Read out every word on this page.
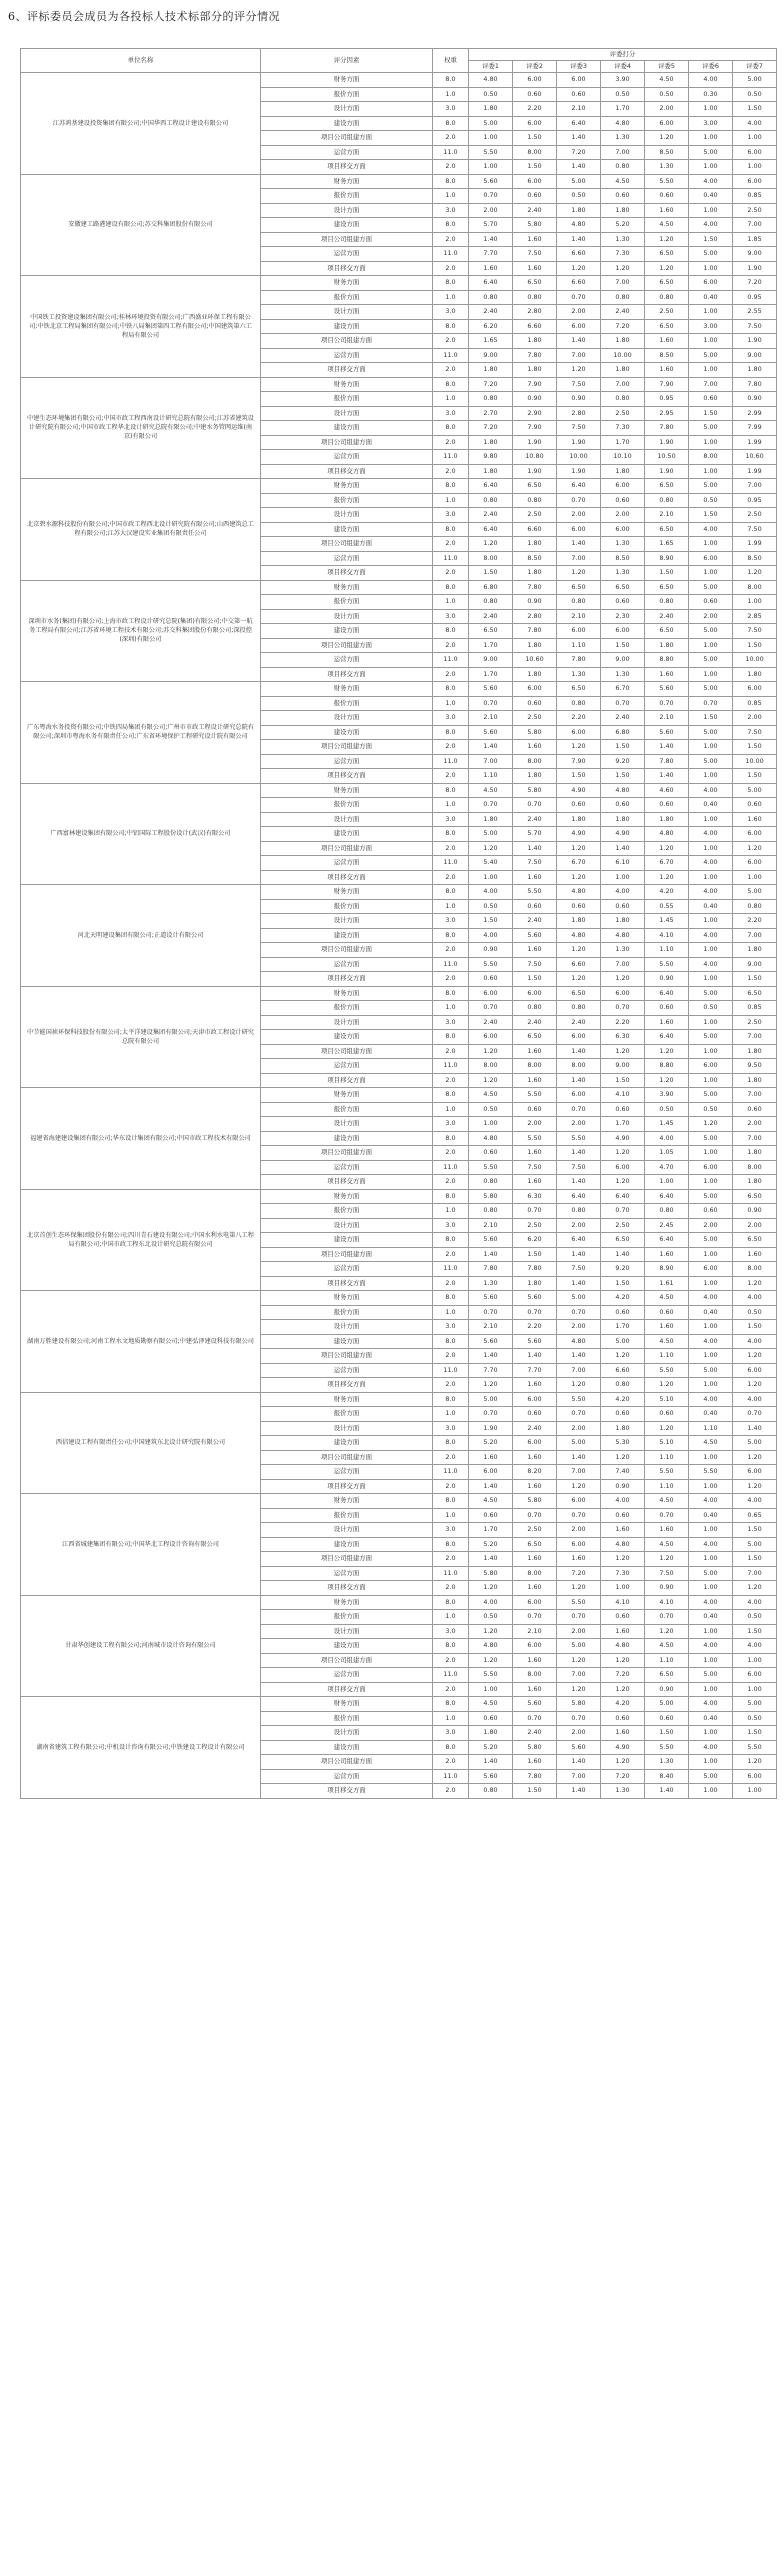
6、评标委员会成员为各投标人技术标部分的评分情况
单位名称	评分因素	权重	评委打分						
			评委1	评委2	评委3	评委4	评委5	评委6	评委7
江苏鸿基建设投资集团有限公司;中国华西工程设计建设有限公司	财务方面	8.0	4.80	6.00	6.00	3.90	4.50	4.00	5.00
	报价方面	1.0	0.50	0.60	0.60	0.50	0.50	0.30	0.50
	设计方面	3.0	1.80	2.20	2.10	1.70	2.00	1.00	1.50
	建设方面	8.0	5.00	6.00	6.40	4.80	6.00	3.00	4.00
	项目公司组建方面	2.0	1.00	1.50	1.40	1.30	1.20	1.00	1.00
	运营方面	11.0	5.50	8.00	7.20	7.00	8.50	5.00	6.00
	项目移交方面	2.0	1.00	1.50	1.40	0.80	1.30	1.00	1.00
安徽建工路港建设有限公司;苏交科集团股份有限公司	财务方面	8.0	5.60	6.00	5.00	4.50	5.50	4.00	6.00
	报价方面	1.0	0.70	0.60	0.50	0.60	0.60	0.40	0.85
	设计方面	3.0	2.00	2.40	1.80	1.80	1.60	1.00	2.50
	建设方面	8.0	5.70	5.80	4.80	5.20	4.50	4.00	7.00
	项目公司组建方面	2.0	1.40	1.60	1.40	1.30	1.20	1.50	1.85
	运营方面	11.0	7.70	7.50	6.60	7.30	6.50	5.00	9.00
	项目移交方面	2.0	1.60	1.60	1.20	1.20	1.20	1.00	1.90
中国铁工投资建设集团有限公司;桂林环境投资有限公司;广西盛业环保工程有限公司;中铁北京工程局集团有限公司;中铁八局集团第四工程有限公司;中国建筑第六工程局有限公司	财务方面	8.0	6.40	6.50	6.60	7.00	6.50	6.00	7.20
	报价方面	1.0	0.80	0.80	0.70	0.80	0.80	0.40	0.95
	设计方面	3.0	2.40	2.80	2.00	2.40	2.50	1.00	2.55
	建设方面	8.0	6.20	6.60	6.00	7.20	6.50	3.00	7.50
	项目公司组建方面	2.0	1.65	1.80	1.40	1.80	1.60	1.00	1.90
	运营方面	11.0	9.00	7.80	7.00	10.00	8.50	5.00	9.00
	项目移交方面	2.0	1.80	1.80	1.20	1.80	1.60	1.00	1.80
中建生态环境集团有限公司;中国市政工程西南设计研究总院有限公司;江苏省建筑设计研究院有限公司;中国市政工程华北设计研究总院有限公司;中建水务管网运维(南京)有限公司	财务方面	8.0	7.20	7.90	7.50	7.00	7.90	7.00	7.80
	报价方面	1.0	0.80	0.90	0.90	0.80	0.95	0.60	0.90
	设计方面	3.0	2.70	2.90	2.80	2.50	2.95	1.50	2.99
	建设方面	8.0	7.20	7.90	7.50	7.30	7.80	5.00	7.99
	项目公司组建方面	2.0	1.80	1.90	1.90	1.70	1.90	1.00	1.99
	运营方面	11.0	9.80	10.80	10.00	10.10	10.50	8.00	10.60
	项目移交方面	2.0	1.80	1.90	1.90	1.80	1.90	1.00	1.99
北京碧水源科技股份有限公司;中国市政工程西北设计研究院有限公司;山西建筑总工程有限公司;江苏大汉建设实业集团有限责任公司	财务方面	8.0	6.40	6.50	6.40	6.00	6.50	5.00	7.00
	报价方面	1.0	0.80	0.80	0.70	0.60	0.80	0.50	0.95
	设计方面	3.0	2.40	2.50	2.00	2.00	2.10	1.50	2.50
	建设方面	8.0	6.40	6.60	6.00	6.00	6.50	4.00	7.50
	项目公司组建方面	2.0	1.20	1.80	1.40	1.30	1.65	1.00	1.99
	运营方面	11.0	8.00	8.50	7.00	8.50	8.90	6.00	8.50
	项目移交方面	2.0	1.50	1.80	1.20	1.30	1.50	1.00	1.20
深圳市水务(集团)有限公司;上海市政工程设计研究总院(集团)有限公司;中交第一航务工程局有限公司;江苏省环境工程技术有限公司;苏交科集团股份有限公司;深投控(深圳)有限公司	财务方面	8.0	6.80	7.80	6.50	6.50	6.50	5.00	8.00
	报价方面	1.0	0.80	0.90	0.80	0.60	0.80	0.60	1.00
	设计方面	3.0	2.40	2.80	2.10	2.30	2.40	2.00	2.85
	建设方面	8.0	6.50	7.80	6.00	6.00	6.50	5.00	7.50
	项目公司组建方面	2.0	1.70	1.80	1.10	1.50	1.80	1.00	1.50
	运营方面	11.0	9.00	10.60	7.80	9.00	8.80	5.00	10.00
	项目移交方面	2.0	1.70	1.80	1.30	1.30	1.60	1.00	1.80
广东粤海水务投资有限公司;中铁四局集团有限公司;广州市市政工程设计研究总院有限公司;深圳市粤海水务有限责任公司;广东省环境保护工程研究设计院有限公司	财务方面	8.0	5.60	6.00	6.50	6.70	5.60	5.00	6.00
	报价方面	1.0	0.70	0.60	0.80	0.70	0.70	0.70	0.85
	设计方面	3.0	2.10	2.50	2.20	2.40	2.10	1.50	2.00
	建设方面	8.0	5.60	5.80	6.00	6.80	5.60	5.00	7.50
	项目公司组建方面	2.0	1.40	1.60	1.20	1.50	1.40	1.00	1.50
	运营方面	11.0	7.00	8.00	7.90	9.20	7.80	5.00	10.00
	项目移交方面	2.0	1.10	1.80	1.50	1.50	1.40	1.00	1.50
广西富林建设集团有限公司;中铝国际工程股份设计(武汉)有限公司	财务方面	8.0	4.50	5.80	4.90	4.80	4.60	4.00	5.00
	报价方面	1.0	0.70	0.70	0.60	0.60	0.60	0.40	0.60
	设计方面	3.0	1.80	2.40	1.80	1.80	1.80	1.00	1.60
	建设方面	8.0	5.00	5.70	4.90	4.90	4.80	4.00	6.00
	项目公司组建方面	2.0	1.20	1.40	1.20	1.40	1.20	1.00	1.20
	运营方面	11.0	5.40	7.50	6.70	6.10	6.70	4.00	6.00
	项目移交方面	2.0	1.00	1.60	1.20	1.00	1.20	1.00	1.00
河北天明建设集团有限公司;正道设计有限公司	财务方面	8.0	4.00	5.50	4.80	4.00	4.20	4.00	5.00
	报价方面	1.0	0.50	0.60	0.60	0.60	0.55	0.40	0.80
	设计方面	3.0	1.50	2.40	1.80	1.80	1.45	1.00	2.20
	建设方面	8.0	4.00	5.60	4.80	4.80	4.10	4.00	7.00
	项目公司组建方面	2.0	0.90	1.60	1.20	1.30	1.10	1.00	1.80
	运营方面	11.0	5.50	7.50	6.60	7.00	5.50	4.00	9.00
	项目移交方面	2.0	0.60	1.50	1.20	1.20	0.90	1.00	1.50
中节能国祯环保科技股份有限公司;太平洋建设集团有限公司;天津市政工程设计研究总院有限公司	财务方面	8.0	6.00	6.00	6.50	6.00	6.40	5.00	6.50
	报价方面	1.0	0.70	0.80	0.80	0.70	0.60	0.50	0.85
	设计方面	3.0	2.40	2.40	2.40	2.20	1.60	1.00	2.50
	建设方面	8.0	6.00	6.50	6.00	6.30	6.40	5.00	7.00
	项目公司组建方面	2.0	1.20	1.60	1.40	1.20	1.20	1.00	1.80
	运营方面	11.0	8.00	8.00	8.00	9.00	8.80	6.00	9.50
	项目移交方面	2.0	1.20	1.60	1.40	1.50	1.20	1.00	1.80
福建省海建建设集团有限公司;华东设计集团有限公司;中国市政工程技术有限公司	财务方面	8.0	4.50	5.50	6.00	4.10	3.90	5.00	7.00
	报价方面	1.0	0.50	0.60	0.70	0.60	0.50	0.50	0.60
	设计方面	3.0	1.00	2.00	2.00	1.70	1.45	1.20	2.00
	建设方面	8.0	4.80	5.50	5.50	4.90	4.00	5.00	7.00
	项目公司组建方面	2.0	0.60	1.60	1.40	1.20	1.05	1.00	1.80
	运营方面	11.0	5.50	7.50	7.50	6.00	4.70	6.00	8.00
	项目移交方面	2.0	0.80	1.60	1.40	1.20	1.00	1.00	1.80
北京首创生态环保集团股份有限公司;四川青石建设有限公司;中国水利水电第八工程局有限公司;中国市政工程东北设计研究总院有限公司	财务方面	8.0	5.80	6.30	6.40	6.40	6.40	5.00	6.50
	报价方面	1.0	0.80	0.70	0.80	0.70	0.80	0.60	0.90
	设计方面	3.0	2.10	2.50	2.00	2.50	2.45	2.00	2.00
	建设方面	8.0	5.60	6.20	6.40	6.50	6.40	5.00	6.50
	项目公司组建方面	2.0	1.40	1.50	1.40	1.40	1.60	1.00	1.60
	运营方面	11.0	7.80	7.80	7.50	9.20	8.90	6.00	8.00
	项目移交方面	2.0	1.30	1.80	1.40	1.50	1.61	1.00	1.20
湖南万胜建设有限公司;河南工程水文地质勘察有限公司;中建弘泽建设科技有限公司	财务方面	8.0	5.60	5.60	5.00	4.20	4.50	4.00	4.00
	报价方面	1.0	0.70	0.70	0.70	0.60	0.60	0.40	0.50
	设计方面	3.0	2.10	2.20	2.00	1.70	1.60	1.00	1.50
	建设方面	8.0	5.60	5.60	4.80	5.00	4.50	4.00	4.00
	项目公司组建方面	2.0	1.40	1.40	1.40	1.20	1.10	1.00	1.20
	运营方面	11.0	7.70	7.70	7.00	6.60	5.50	5.00	6.00
	项目移交方面	2.0	1.20	1.60	1.20	0.80	1.20	1.00	1.20
西信建设工程有限责任公司;中国建筑东北设计研究院有限公司	财务方面	8.0	5.00	6.00	5.50	4.20	5.10	4.00	4.00
	报价方面	1.0	0.70	0.60	0.70	0.60	0.60	0.40	0.70
	设计方面	3.0	1.90	2.40	2.00	1.80	1.20	1.10	1.40
	建设方面	8.0	5.20	6.00	5.00	5.30	5.10	4.50	5.00
	项目公司组建方面	2.0	1.60	1.60	1.40	1.20	1.10	1.00	1.20
	运营方面	11.0	6.00	8.20	7.00	7.40	5.50	5.50	6.00
	项目移交方面	2.0	1.40	1.60	1.20	0.90	1.10	1.00	1.20
江西省城建集团有限公司;中国华北工程设计咨询有限公司	财务方面	8.0	4.50	5.80	6.00	4.00	4.50	4.00	4.00
	报价方面	1.0	0.60	0.70	0.70	0.60	0.70	0.40	0.65
	设计方面	3.0	1.70	2.50	2.00	1.60	1.60	1.00	1.50
	建设方面	8.0	5.20	6.50	6.00	4.80	4.50	4.00	5.00
	项目公司组建方面	2.0	1.40	1.60	1.60	1.20	1.20	1.00	1.50
	运营方面	11.0	5.80	8.00	7.20	7.30	7.50	5.00	7.00
	项目移交方面	2.0	1.20	1.60	1.20	1.00	0.90	1.00	1.20
甘肃华创建设工程有限公司;河南城市设计咨询有限公司	财务方面	8.0	4.00	6.00	5.50	4.10	4.10	4.00	4.00
	报价方面	1.0	0.50	0.70	0.70	0.60	0.70	0.40	0.50
	设计方面	3.0	1.20	2.10	2.00	1.60	1.20	1.00	1.50
	建设方面	8.0	4.80	6.00	5.00	4.80	4.50	4.00	4.00
	项目公司组建方面	2.0	1.20	1.60	1.20	1.20	1.10	1.00	1.00
	运营方面	11.0	5.50	8.00	7.00	7.20	6.50	5.00	6.00
	项目移交方面	2.0	1.00	1.60	1.20	1.20	0.90	1.00	1.00
湖南省建筑工程有限公司;中机设计咨询有限公司;中铁建设工程设计有限公司	财务方面	8.0	4.50	5.60	5.80	4.20	5.00	4.00	5.00
	报价方面	1.0	0.60	0.70	0.70	0.60	0.60	0.40	0.50
	设计方面	3.0	1.80	2.40	2.00	1.60	1.50	1.00	1.50
	建设方面	8.0	5.20	5.80	5.60	4.90	5.50	4.00	5.50
	项目公司组建方面	2.0	1.40	1.60	1.40	1.20	1.30	1.00	1.20
	运营方面	11.0	5.60	7.80	7.00	7.20	8.40	5.00	6.00
	项目移交方面	2.0	0.80	1.50	1.40	1.30	1.40	1.00	1.00
